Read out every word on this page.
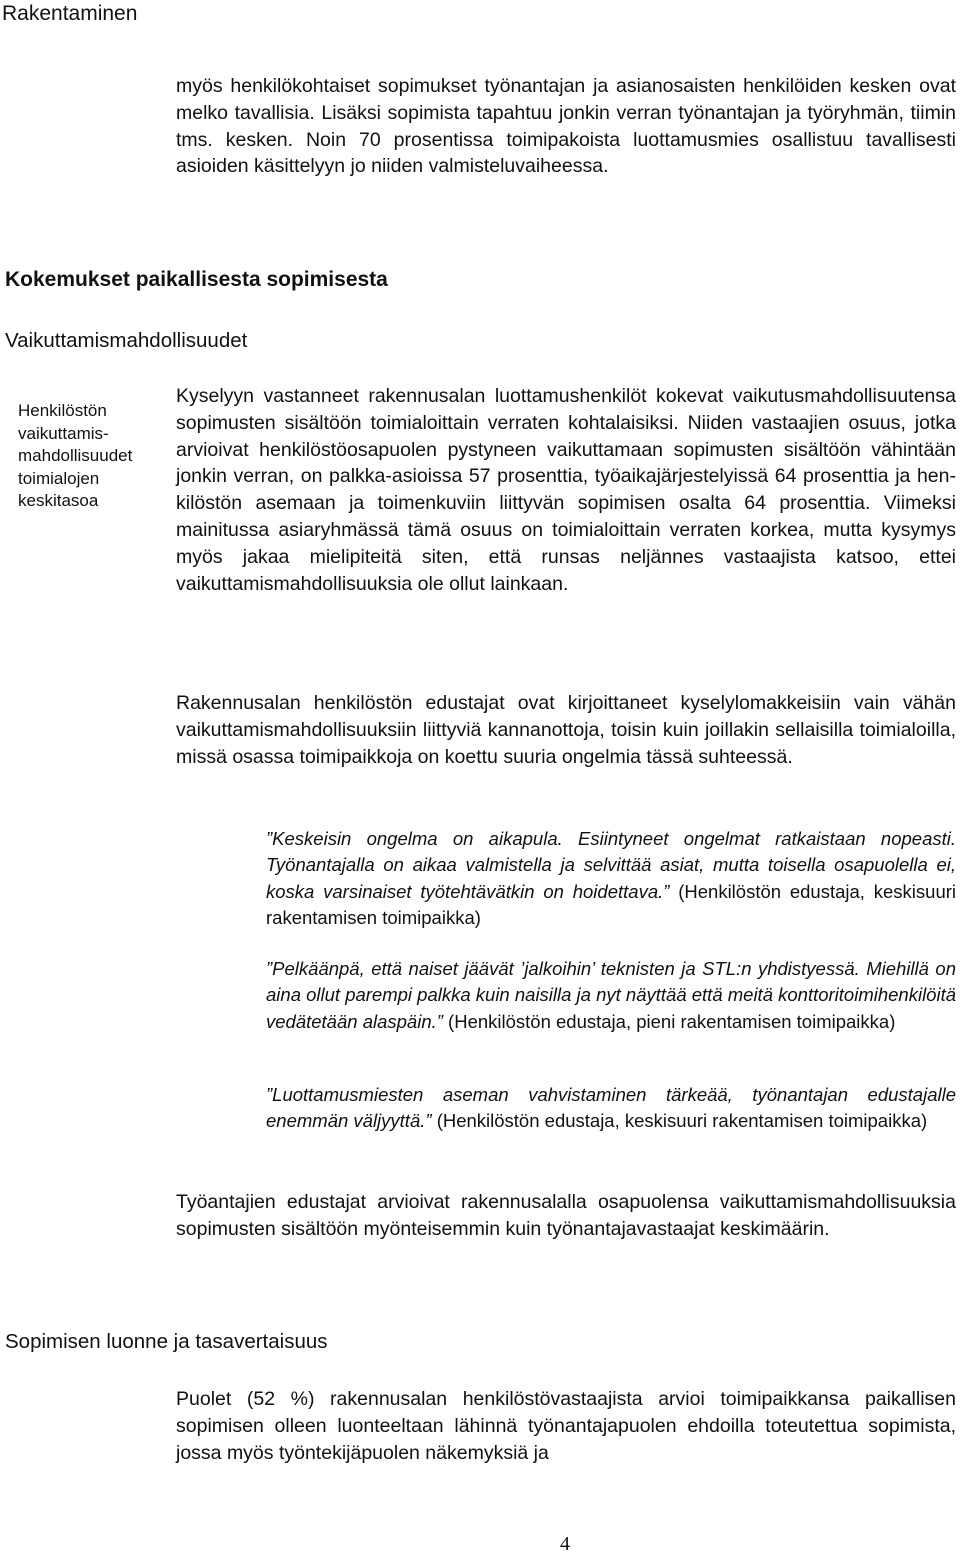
Rakentaminen

myös henkilökohtaiset sopimukset työnantajan ja asianosaisten henkilöiden kesken ovat melko tavallisia. Lisäksi sopimista tapahtuu jonkin verran työnantajan ja työryhmän, tiimin tms. kesken. Noin 70 prosentissa toimipakoista luottamusmies osallistuu tavallisesti asioiden käsittelyyn jo niiden valmisteluvaiheessa.

Kokemukset paikallisesta sopimisesta
Vaikuttamismahdollisuudet
Henkilöstön vaikuttamismahdollisuudet toimialojen keskitasoa
Kyselyyn vastanneet rakennusalan luottamushenkilöt kokevat vaikutusmahdollisuutensa sopimusten sisältöön toimialoittain verraten kohtalaisiksi. Niiden vastaajien osuus, jotka arvioivat henkilöstöosapuolen pystyneen vaikuttamaan sopimusten sisältöön vähintään jonkin verran, on palkka-asioissa 57 prosenttia, työaikajärjestelyissä 64 prosenttia ja henkilöstön asemaan ja toimenkuviin liittyvän sopimisen osalta 64 prosenttia. Viimeksi mainitussa asiaryhmässä tämä osuus on toimialoittain verraten korkea, mutta kysymys myös jakaa mielipiteitä siten, että runsas neljännes vastaajista katsoo, ettei vaikuttamismahdollisuuksia ole ollut lainkaan.
Rakennusalan henkilöstön edustajat ovat kirjoittaneet kyselylomakkeisiin vain vähän vaikuttamismahdollisuuksiin liittyviä kannanottoja, toisin kuin joillakin sellaisilla toimialoilla, missä osassa toimipaikkoja on koettu suuria ongelmia tässä suhteessä.
”Keskeisin ongelma on aikapula. Esiintyneet ongelmat ratkaistaan nopeasti. Työnantajalla on aikaa valmistella ja selvittää asiat, mutta toisella osapuolella ei, koska varsinaiset työtehtävätkin on hoidettava.” (Henkilöstön edustaja, keskisuuri rakentamisen toimipaikka)
”Pelkäänpä, että naiset jäävät ’jalkoihin’ teknisten ja STL:n yhdistyessä. Miehillä on aina ollut parempi palkka kuin naisilla ja nyt näyttää että meitä konttoritoimihenkilöitä vedätetään alaspäin.” (Henkilöstön edustaja, pieni rakentamisen toimipaikka)
”Luottamusmiesten aseman vahvistaminen tärkeää, työnantajan edustajalle enemmän väljyyttä.” (Henkilöstön edustaja, keskisuuri rakentamisen toimipaikka)
Työantajien edustajat arvioivat rakennusalalla osapuolensa vaikuttamismahdollisuuksia sopimusten sisältöön myönteisemmin kuin työnantajavastaajat keskimäärin.
Sopimisen luonne ja tasavertaisuus
Puolet (52 %) rakennusalan henkilöstövastaajista arvioi toimipaikkansa paikallisen sopimisen olleen luonteeltaan lähinnä työnantajapuolen ehdoilla toteutettua sopimista, jossa myös työntekijäpuolen näkemyksiä ja
4
